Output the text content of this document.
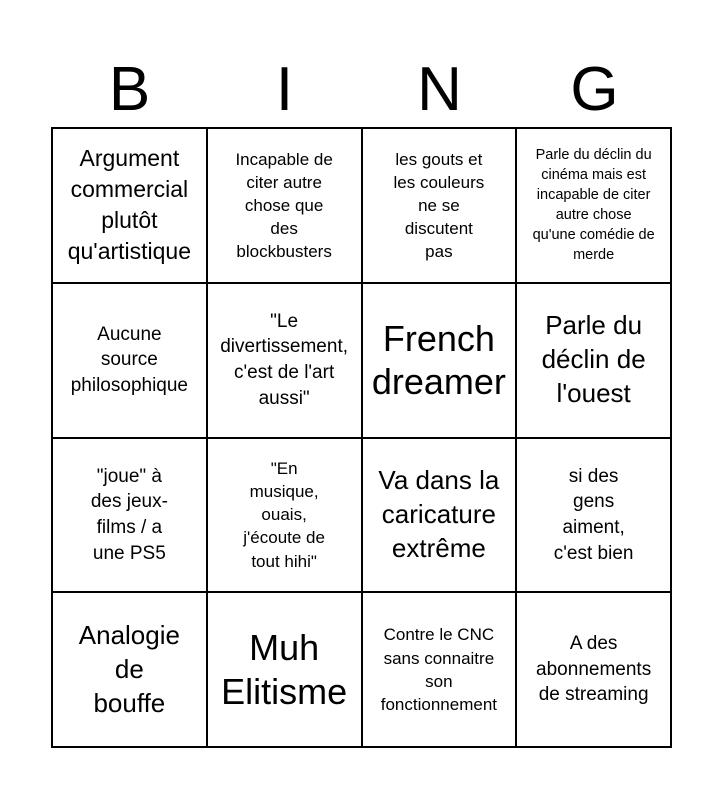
B	I	N	G
Argument
commercial
plutôt
qu'artistique
Incapable de
citer autre
chose que
des
blockbusters
les gouts et
les couleurs
ne se
discutent
pas
Parle du déclin du
cinéma mais est
incapable de citer
autre chose
qu'une comédie de
merde
Aucune
source
philosophique
"Le
divertissement,
c'est de l'art
aussi"
French
dreamer
Parle du
déclin de
l'ouest
"joue" à
des jeux-
films / a
une PS5
"En
musique,
ouais,
j'écoute de
tout hihi"
Va dans la
caricature
extrême
si des
gens
aiment,
c'est bien
Analogie
de
bouffe
Muh
Elitisme
Contre le CNC
sans connaitre
son
fonctionnement
A des
abonnements
de streaming
